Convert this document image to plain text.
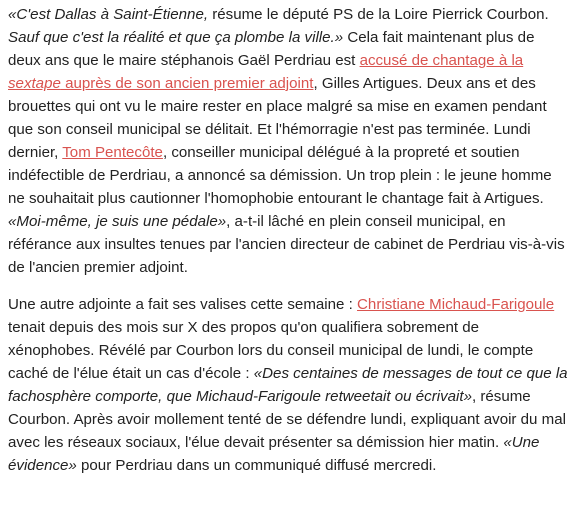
«C'est Dallas à Saint-Étienne, résume le député PS de la Loire Pierrick Courbon. Sauf que c'est la réalité et que ça plombe la ville.» Cela fait maintenant plus de deux ans que le maire stéphanois Gaël Perdriau est accusé de chantage à la sextape auprès de son ancien premier adjoint, Gilles Artigues. Deux ans et des brouettes qui ont vu le maire rester en place malgré sa mise en examen pendant que son conseil municipal se délitait. Et l'hémorragie n'est pas terminée. Lundi dernier, Tom Pentecôte, conseiller municipal délégué à la propreté et soutien indéfectible de Perdriau, a annoncé sa démission. Un trop plein : le jeune homme ne souhaitait plus cautionner l'homophobie entourant le chantage fait à Artigues. «Moi-même, je suis une pédale», a-t-il lâché en plein conseil municipal, en référance aux insultes tenues par l'ancien directeur de cabinet de Perdriau vis-à-vis de l'ancien premier adjoint.

Une autre adjointe a fait ses valises cette semaine : Christiane Michaud-Farigoule tenait depuis des mois sur X des propos qu'on qualifiera sobrement de xénophobes. Révélé par Courbon lors du conseil municipal de lundi, le compte caché de l'élue était un cas d'école : «Des centaines de messages de tout ce que la fachosphère comporte, que Michaud-Farigoule retweetait ou écrivait», résume Courbon. Après avoir mollement tenté de se défendre lundi, expliquant avoir du mal avec les réseaux sociaux, l'élue devait présenter sa démission hier matin. «Une évidence» pour Perdriau dans un communiqué diffusé mercredi.
